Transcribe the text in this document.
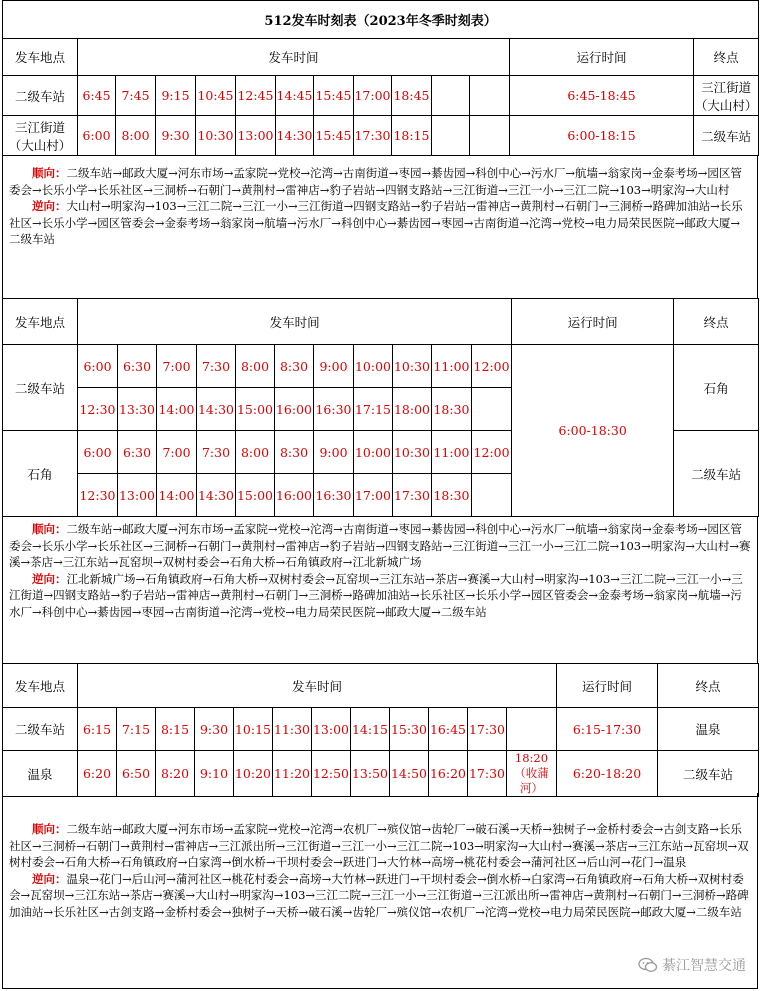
512发车时刻表（2023年冬季时刻表）													
发车地点	发车时间											运行时间	终点
二级车站	6:45	7:45	9:15	10:45	12:45	14:45	15:45	17:00	18:45			6:45-18:45	三江街道（大山村）
三江街道（大山村）	6:00	8:00	9:30	10:30	13:00	14:30	15:45	17:30	18:15			6:00-18:15	二级车站

顺向：二级车站→邮政大厦→河东市场→孟家院→党校→沱湾→古南街道→枣园→綦齿园→科创中心→污水厂→航墙→翁家岗→金泰考场→园区管委会→长乐小学→长乐社区→三洞桥→石朝门→黄荆村→雷神店→豹子岩站→四钢支路站→三江街道→三江一小→三江二院→103→明家沟→大山村

逆向：大山村→明家沟→103→三江二院→三江一小→三江街道→四钢支路站→豹子岩站→雷神店→黄荆村→石朝门→三洞桥→路碑加油站→长乐社区→长乐小学→园区管委会→金泰考场→翁家岗→航墙→污水厂→科创中心→綦齿园→枣园→古南街道→沱湾→党校→电力局荣民医院→邮政大厦→二级车站

发车地点	发车时间											运行时间	终点
二级车站	6:00	6:30	7:00	7:30	8:00	8:30	9:00	10:00	10:30	11:00	12:00	6:00-18:30	石角
	12:30	13:30	14:00	14:30	15:00	16:00	16:30	17:15	18:00	18:30			
石角	6:00	6:30	7:00	7:30	8:00	8:30	9:00	10:00	10:30	11:00	12:00		二级车站
	12:30	13:00	14:00	14:30	15:00	16:00	16:30	17:00	17:30	18:30			

顺向：二级车站→邮政大厦→河东市场→孟家院→党校→沱湾→古南街道→枣园→綦齿园→科创中心→污水厂→航墙→翁家岗→金泰考场→园区管委会→长乐小学→长乐社区→三洞桥→石朝门→黄荆村→雷神店→豹子岩站→四钢支路站→三江街道→三江一小→三江二院→103→明家沟→大山村→赛溪→茶店→三江东站→瓦窑坝→双树村委会→石角大桥→石角镇政府→江北新城广场

逆向：江北新城广场→石角镇政府→石角大桥→双树村委会→瓦窑坝→三江东站→茶店→赛溪→大山村→明家沟→103→三江二院→三江一小→三江街道→四钢支路站→豹子岩站→雷神店→黄荆村→石朝门→三洞桥→路碑加油站→长乐社区→长乐小学→园区管委会→金泰考场→翁家岗→航墙→污水厂→科创中心→綦齿园→枣园→古南街道→沱湾→党校→电力局荣民医院→邮政大厦→二级车站

发车地点	发车时间												运行时间	终点
二级车站	6:15	7:15	8:15	9:30	10:15	11:30	13:00	14:15	15:30	16:45	17:30		6:15-17:30	温泉
温泉	6:20	6:50	8:20	9:10	10:20	11:20	12:50	13:50	14:50	16:20	17:30	18:20（收蒲河）	6:20-18:20	二级车站

顺向：二级车站→邮政大厦→河东市场→孟家院→党校→沱湾→农机厂→殡仪馆→齿轮厂→破石溪→天桥→独树子→金桥村委会→古剑支路→长乐社区→三洞桥→石朝门→黄荆村→雷神店→三江派出所→三江街道→三江一小→三江二院→103→明家沟→大山村→赛溪→茶店→三江东站→瓦窑坝→双树村委会→石角大桥→石角镇政府→白家湾→倒水桥→干坝村委会→跃进门→大竹林→高塝→桃花村委会→蒲河社区→后山河→花门→温泉

逆向：温泉→花门→后山河→蒲河社区→桃花村委会→高塝→大竹林→跃进门→干坝村委会→倒水桥→白家湾→石角镇政府→石角大桥→双树村委会→瓦窑坝→三江东站→茶店→赛溪→大山村→明家沟→103→三江二院→三江一小→三江街道→三江派出所→雷神店→黄荆村→石朝门→三洞桥→路碑加油站→长乐社区→古剑支路→金桥村委会→独树子→天桥→破石溪→齿轮厂→殡仪馆→农机厂→沱湾→党校→电力局荣民医院→邮政大厦→二级车站

綦江智慧交通
